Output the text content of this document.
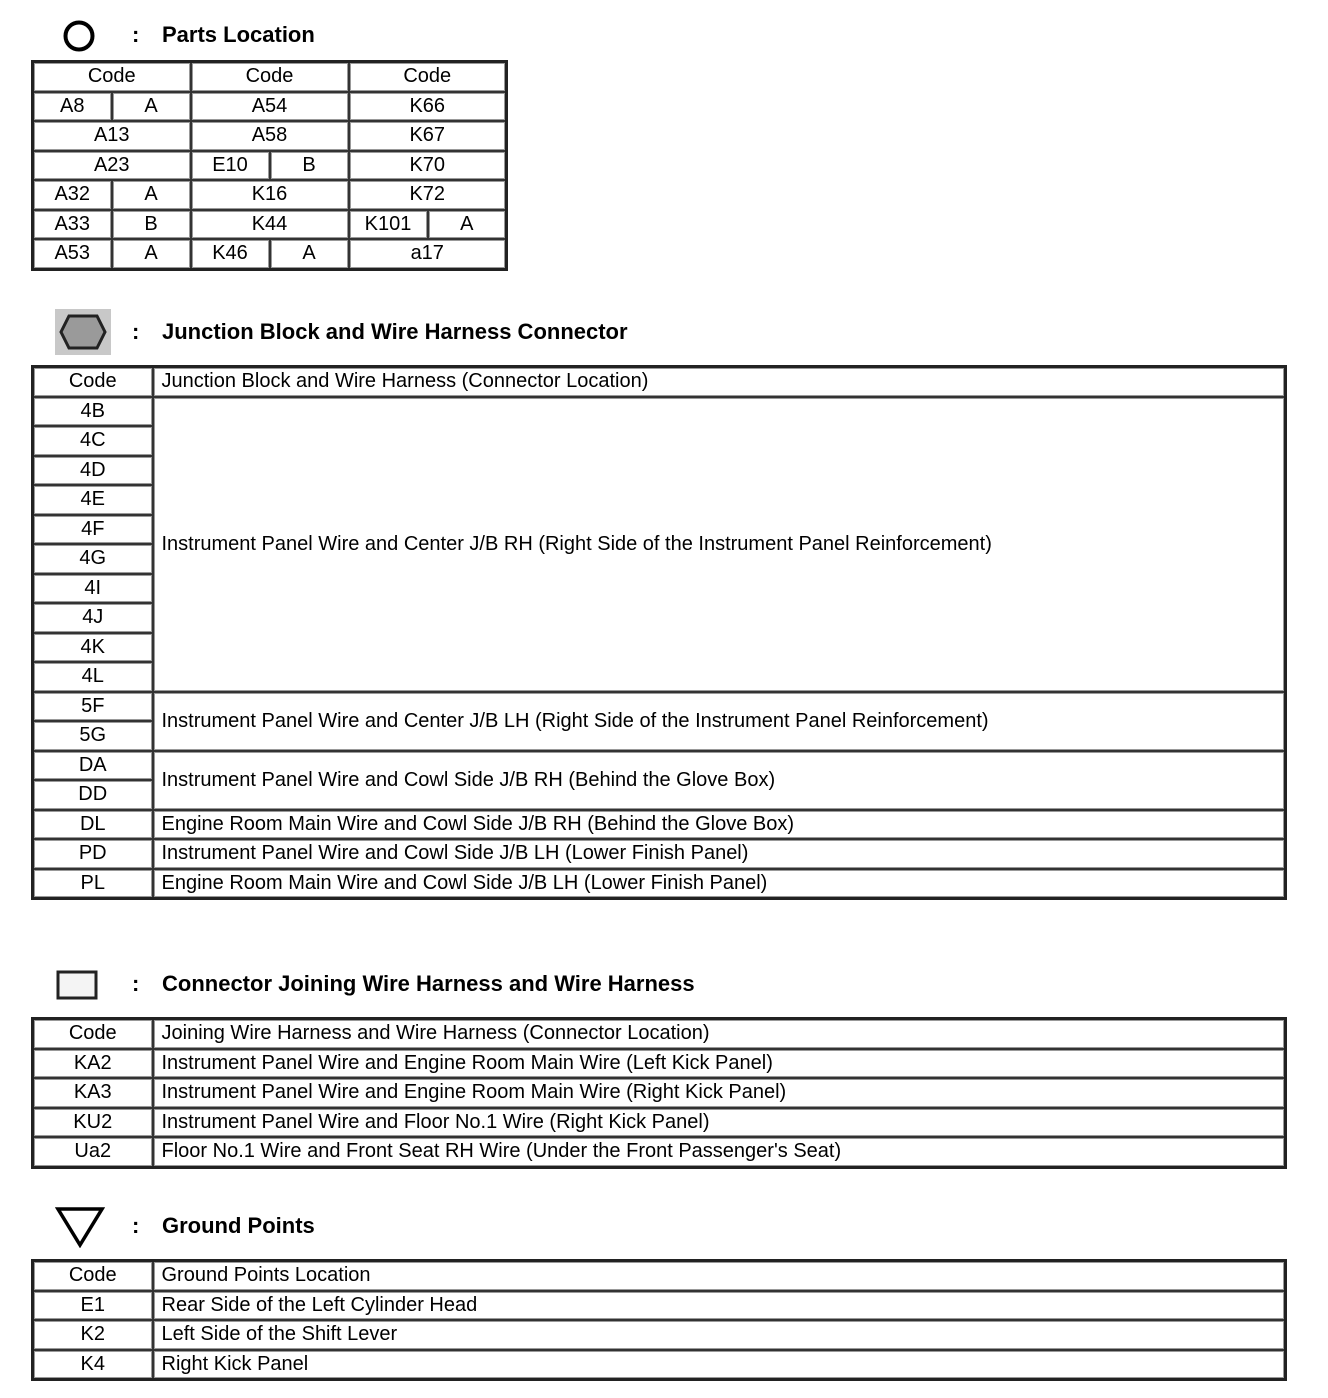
: Parts Location
Code		Code		Code	
A8	A	A54		K66	
A13		A58		K67	
A23		E10	B	K70	
A32	A	K16		K72	
A33	B	K44		K101	A
A53	A	K46	A	a17	
: Junction Block and Wire Harness Connector
Code	Junction Block and Wire Harness (Connector Location)
4B	Instrument Panel Wire and Center J/B RH (Right Side of the Instrument Panel Reinforcement)
4C	
4D	
4E	
4F	
4G	
4I	
4J	
4K	
4L	
5F	Instrument Panel Wire and Center J/B LH (Right Side of the Instrument Panel Reinforcement)
5G	
DA	Instrument Panel Wire and Cowl Side J/B RH (Behind the Glove Box)
DD	
DL	Engine Room Main Wire and Cowl Side J/B RH (Behind the Glove Box)
PD	Instrument Panel Wire and Cowl Side J/B LH (Lower Finish Panel)
PL	Engine Room Main Wire and Cowl Side J/B LH (Lower Finish Panel)
: Connector Joining Wire Harness and Wire Harness
Code	Joining Wire Harness and Wire Harness (Connector Location)
KA2	Instrument Panel Wire and Engine Room Main Wire (Left Kick Panel)
KA3	Instrument Panel Wire and Engine Room Main Wire (Right Kick Panel)
KU2	Instrument Panel Wire and Floor No.1 Wire (Right Kick Panel)
Ua2	Floor No.1 Wire and Front Seat RH Wire (Under the Front Passenger's Seat)
: Ground Points
Code	Ground Points Location
E1	Rear Side of the Left Cylinder Head
K2	Left Side of the Shift Lever
K4	Right Kick Panel
